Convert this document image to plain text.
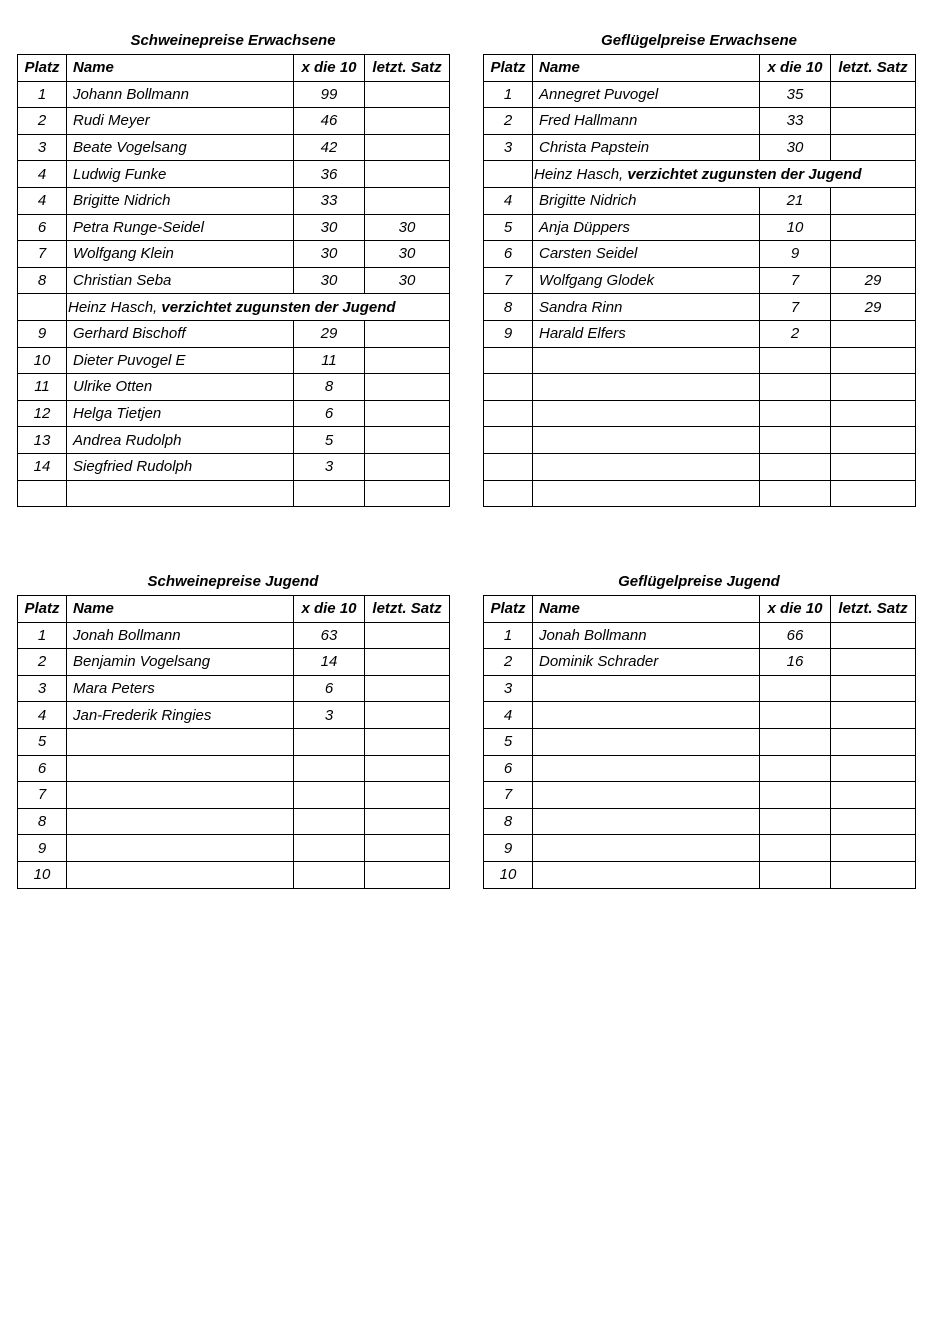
Schweinepreise Erwachsene
Platz	Name	x die 10	letzt. Satz
1	Johann Bollmann	99	
2	Rudi Meyer	46	
3	Beate Vogelsang	42	
4	Ludwig Funke	36	
4	Brigitte Nidrich	33	
6	Petra Runge-Seidel	30	30
7	Wolfgang Klein	30	30
8	Christian Seba	30	30
	Heinz Hasch, verzichtet zugunsten der Jugend		
9	Gerhard Bischoff	29	
10	Dieter Puvogel E	11	
11	Ulrike Otten	8	
12	Helga Tietjen	6	
13	Andrea Rudolph	5	
14	Siegfried Rudolph	3	

Geflügelpreise Erwachsene
Platz	Name	x die 10	letzt. Satz
1	Annegret Puvogel	35	
2	Fred Hallmann	33	
3	Christa Papstein	30	
	Heinz Hasch, verzichtet zugunsten der Jugend		
4	Brigitte Nidrich	21	
5	Anja Düppers	10	
6	Carsten Seidel	9	
7	Wolfgang Glodek	7	29
8	Sandra Rinn	7	29
9	Harald Elfers	2	

Schweinepreise Jugend
Platz	Name	x die 10	letzt. Satz
1	Jonah Bollmann	63	
2	Benjamin Vogelsang	14	
3	Mara Peters	6	
4	Jan-Frederik Ringies	3	
5			
6			
7			
8			
9			
10			
Geflügelpreise Jugend
Platz	Name	x die 10	letzt. Satz
1	Jonah Bollmann	66	
2	Dominik Schrader	16	
3			
4			
5			
6			
7			
8			
9			
10			
